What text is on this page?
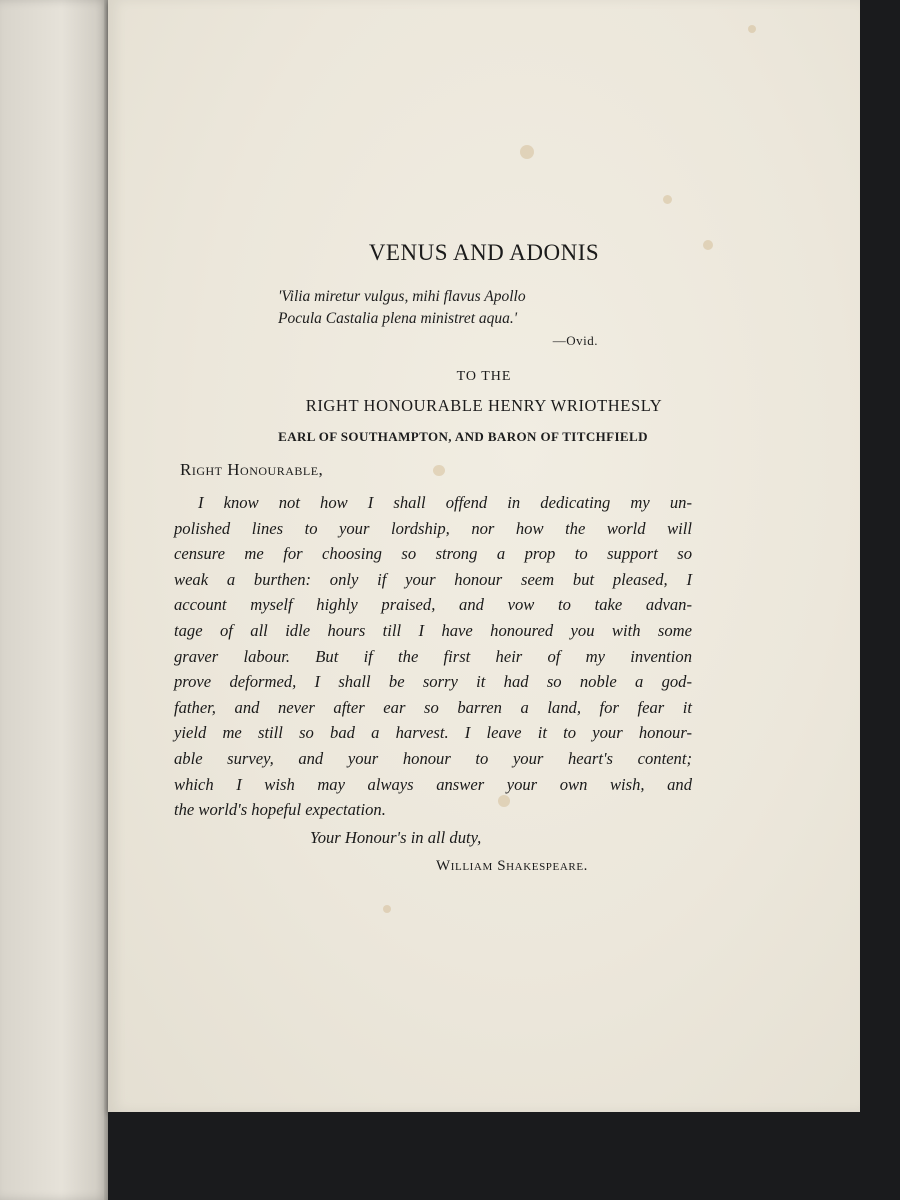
VENUS AND ADONIS
'Vilia miretur vulgus, mihi flavus Apollo
Pocula Castalia plena ministret aqua.'
—Ovid.
TO THE
RIGHT HONOURABLE HENRY WRIOTHESLY
EARL OF SOUTHAMPTON, AND BARON OF TITCHFIELD
Right Honourable,
I know not how I shall offend in dedicating my un-
polished lines to your lordship, nor how the world will
censure me for choosing so strong a prop to support so
weak a burthen: only if your honour seem but pleased, I
account myself highly praised, and vow to take advan-
tage of all idle hours till I have honoured you with some
graver labour. But if the first heir of my invention
prove deformed, I shall be sorry it had so noble a god-
father, and never after ear so barren a land, for fear it
yield me still so bad a harvest. I leave it to your honour-
able survey, and your honour to your heart's content;
which I wish may always answer your own wish, and
the world's hopeful expectation.
Your Honour's in all duty,
William Shakespeare.
